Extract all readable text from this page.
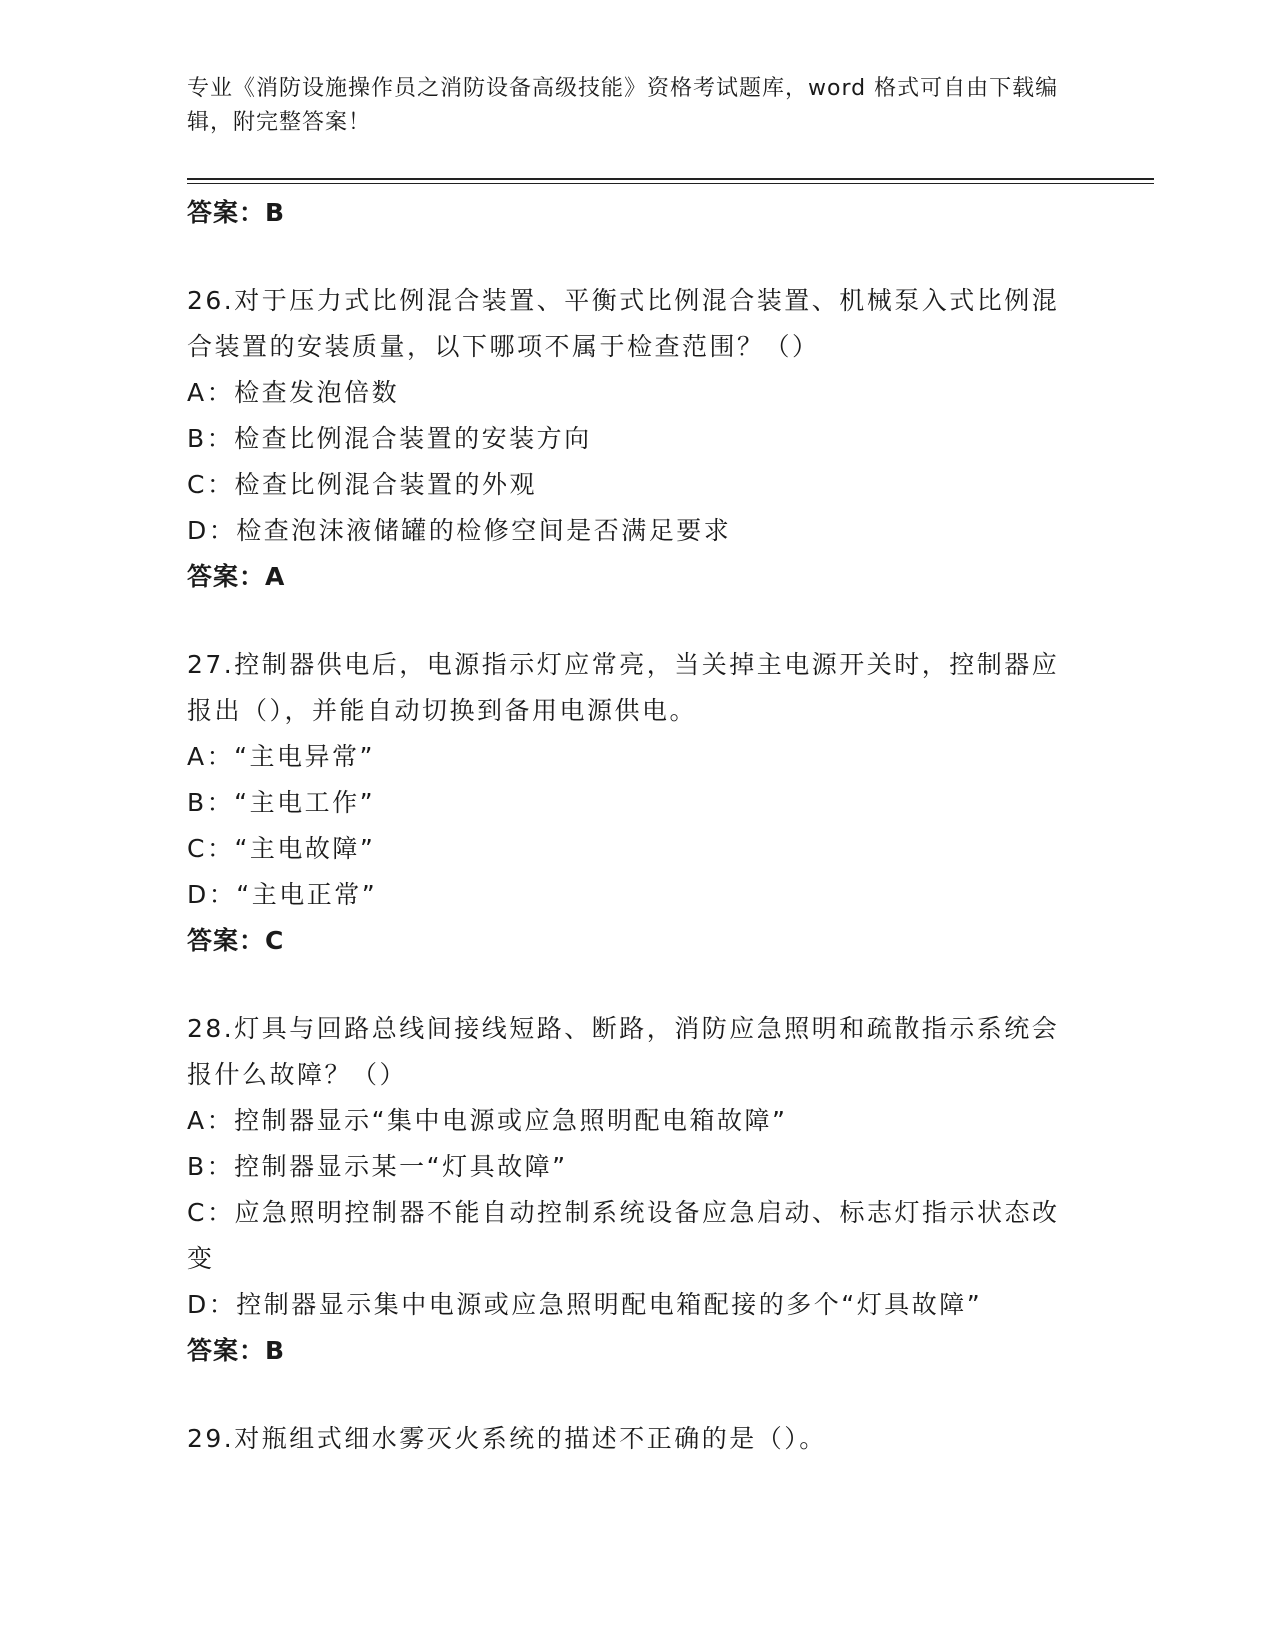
专业《消防设施操作员之消防设备高级技能》资格考试题库，word 格式可自由下载编辑，附完整答案！
答案：B

26.对于压力式比例混合装置、平衡式比例混合装置、机械泵入式比例混合装置的安装质量，以下哪项不属于检查范围？（）

A：检查发泡倍数

B：检查比例混合装置的安装方向

C：检查比例混合装置的外观

D：检查泡沫液储罐的检修空间是否满足要求

答案：A

27.控制器供电后，电源指示灯应常亮，当关掉主电源开关时，控制器应报出（），并能自动切换到备用电源供电。

A：“主电异常”

B：“主电工作”

C：“主电故障”

D：“主电正常”

答案：C

28.灯具与回路总线间接线短路、断路，消防应急照明和疏散指示系统会报什么故障？（）

A：控制器显示“集中电源或应急照明配电箱故障”

B：控制器显示某一“灯具故障”

C：应急照明控制器不能自动控制系统设备应急启动、标志灯指示状态改变

D：控制器显示集中电源或应急照明配电箱配接的多个“灯具故障”

答案：B

29.对瓶组式细水雾灭火系统的描述不正确的是（）。
